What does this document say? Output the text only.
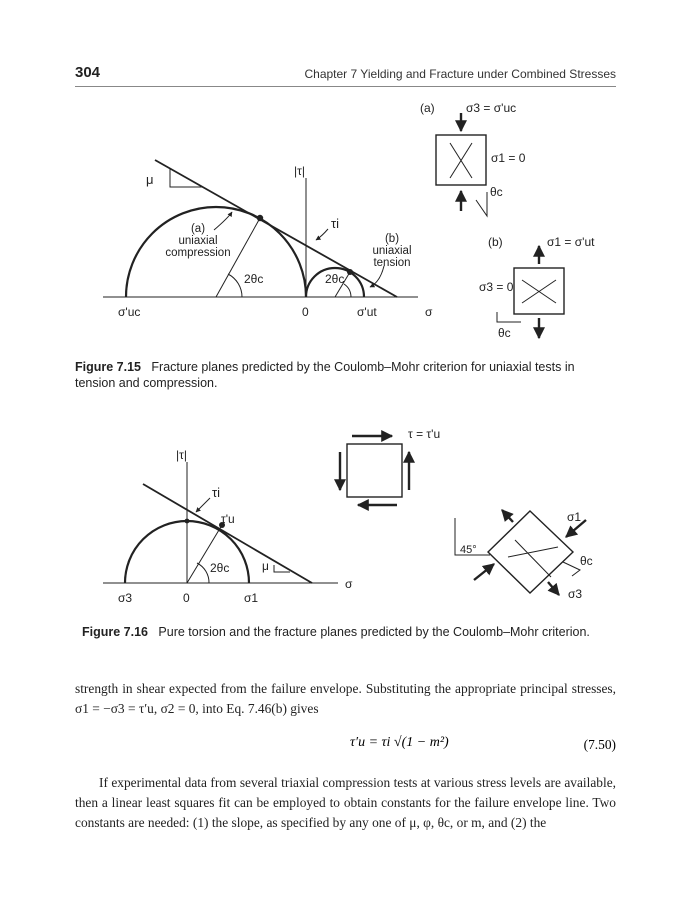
304	Chapter 7 Yielding and Fracture under Combined Stresses
μ
|τ|
τi
(a)
uniaxial
compression
(b)
uniaxial
tension
2θc	2θc
σ'uc	0	σ'ut	σ
(a)	σ3 = σ'uc
σ1 = 0
θc
(b)	σ1 = σ'ut
σ3 = 0
θc
τ = τ'u
|τ|
τi
τ'u
2θc	μ
σ
σ3	0	σ1
45°
σ1
θc
σ3
Figure 7.15 Fracture planes predicted by the Coulomb–Mohr criterion for uniaxial tests in tension and compression.
Figure 7.16 Pure torsion and the fracture planes predicted by the Coulomb–Mohr criterion.
strength in shear expected from the failure envelope. Substituting the appropriate principal stresses, σ1 = −σ3 = τ′u, σ2 = 0, into Eq. 7.46(b) gives
τ′u = τi √(1 − m²)	(7.50)
If experimental data from several triaxial compression tests at various stress levels are available, then a linear least squares fit can be employed to obtain constants for the failure envelope line. Two constants are needed: (1) the slope, as specified by any one of μ, φ, θc, or m, and (2) the
